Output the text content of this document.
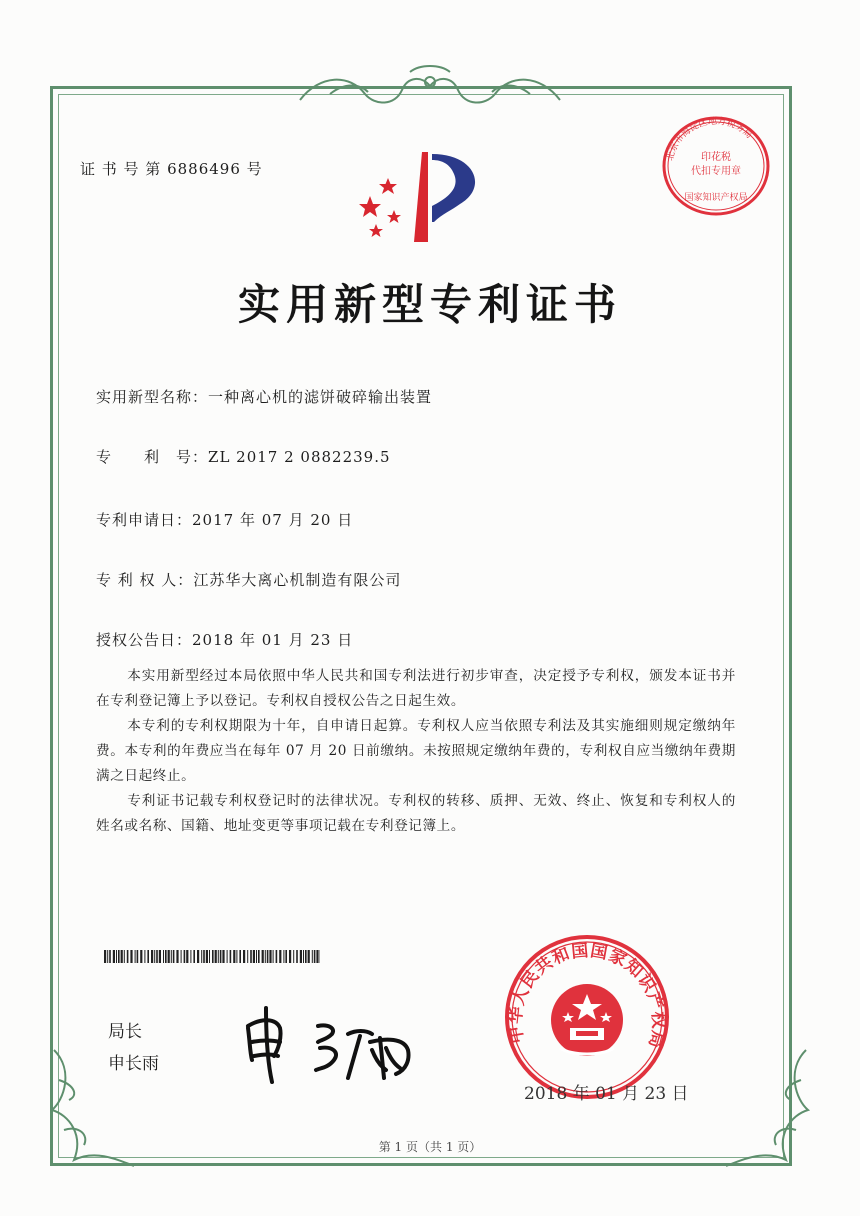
证 书 号 第 6886496 号
北京市海淀区地方税务局
印花税
代扣专用章
国家知识产权局
实用新型专利证书
实用新型名称：一种离心机的滤饼破碎输出装置
专　　利　号：ZL 2017 2 0882239.5
专利申请日：2017 年 07 月 20 日
专 利 权 人：江苏华大离心机制造有限公司
授权公告日：2018 年 01 月 23 日

本实用新型经过本局依照中华人民共和国专利法进行初步审查，决定授予专利权，颁发本证书并在专利登记簿上予以登记。专利权自授权公告之日起生效。

本专利的专利权期限为十年，自申请日起算。专利权人应当依照专利法及其实施细则规定缴纳年费。本专利的年费应当在每年 07 月 20 日前缴纳。未按照规定缴纳年费的，专利权自应当缴纳年费期满之日起终止。

专利证书记载专利权登记时的法律状况。专利权的转移、质押、无效、终止、恢复和专利权人的姓名或名称、国籍、地址变更等事项记载在专利登记簿上。

局长
申长雨
中华人民共和国国家知识产权局
2018 年 01 月 23 日
第 1 页（共 1 页）
